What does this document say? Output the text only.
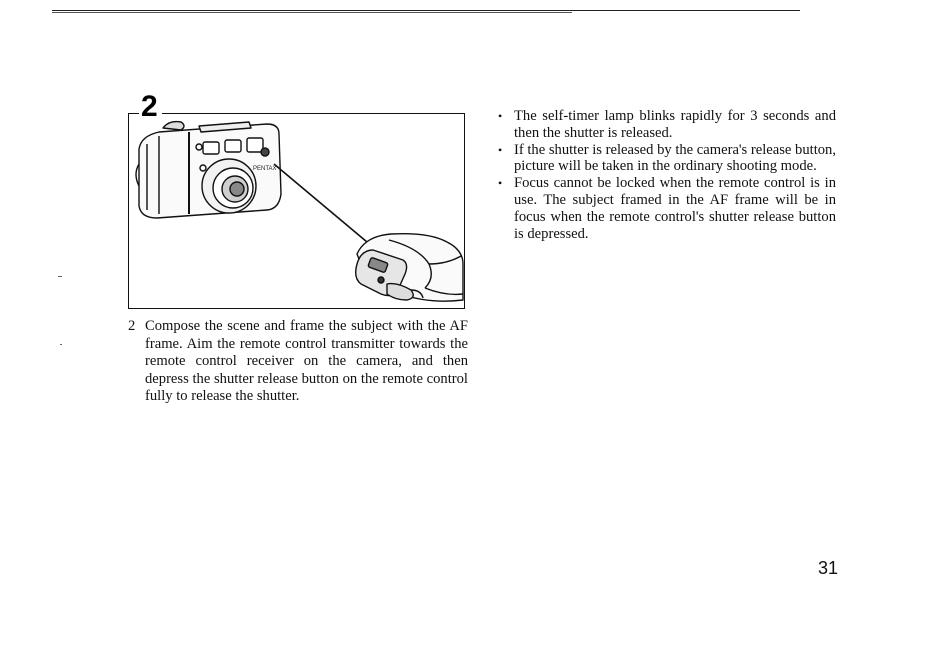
PENTAX
2
2 Compose the scene and frame the subject with the AF frame. Aim the remote control transmitter towards the remote control receiver on the camera, and then depress the shutter release button on the remote control fully to release the shutter.
• The self-timer lamp blinks rapidly for 3 seconds and then the shutter is released.
• If the shutter is released by the camera's release button, picture will be taken in the ordinary shooting mode.
• Focus cannot be locked when the remote control is in use. The subject framed in the AF frame will be in focus when the remote control's shutter release button is depressed.
31
